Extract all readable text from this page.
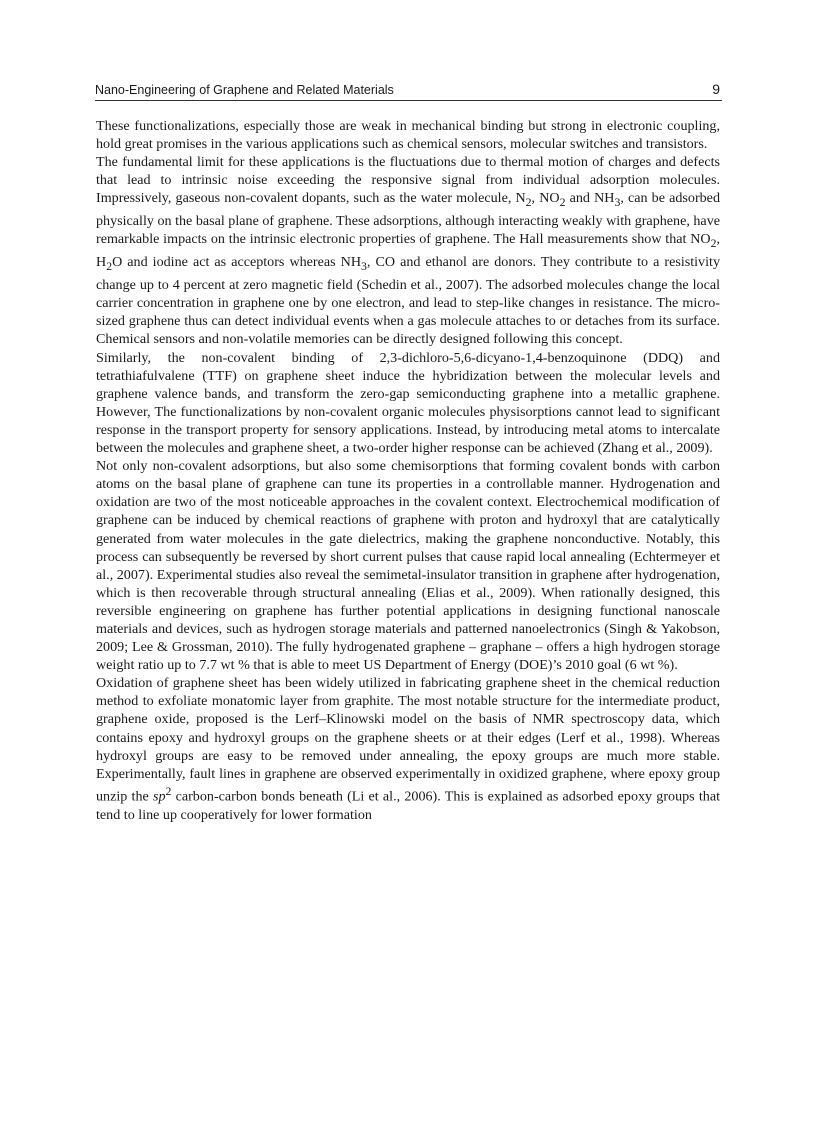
Nano-Engineering of Graphene and Related Materials	9

These functionalizations, especially those are weak in mechanical binding but strong in electronic coupling, hold great promises in the various applications such as chemical sensors, molecular switches and transistors.

The fundamental limit for these applications is the fluctuations due to thermal motion of charges and defects that lead to intrinsic noise exceeding the responsive signal from individual adsorption molecules. Impressively, gaseous non-covalent dopants, such as the water molecule, $N_2$, $NO_2$ and $NH_3$, can be adsorbed physically on the basal plane of graphene. These adsorptions, although interacting weakly with graphene, have remarkable impacts on the intrinsic electronic properties of graphene. The Hall measurements show that $NO_2$, $H_2O$ and iodine act as acceptors whereas $NH_3$, CO and ethanol are donors. They contribute to a resistivity change up to 4 percent at zero magnetic field (Schedin et al., 2007). The adsorbed molecules change the local carrier concentration in graphene one by one electron, and lead to step-like changes in resistance. The micro-sized graphene thus can detect individual events when a gas molecule attaches to or detaches from its surface. Chemical sensors and non-volatile memories can be directly designed following this concept.

Similarly, the non-covalent binding of 2,3-dichloro-5,6-dicyano-1,4-benzoquinone (DDQ) and tetrathiafulvalene (TTF) on graphene sheet induce the hybridization between the molecular levels and graphene valence bands, and transform the zero-gap semiconducting graphene into a metallic graphene. However, The functionalizations by non-covalent organic molecules physisorptions cannot lead to significant response in the transport property for sensory applications. Instead, by introducing metal atoms to intercalate between the molecules and graphene sheet, a two-order higher response can be achieved (Zhang et al., 2009).

Not only non-covalent adsorptions, but also some chemisorptions that forming covalent bonds with carbon atoms on the basal plane of graphene can tune its properties in a controllable manner. Hydrogenation and oxidation are two of the most noticeable approaches in the covalent context. Electrochemical modification of graphene can be induced by chemical reactions of graphene with proton and hydroxyl that are catalytically generated from water molecules in the gate dielectrics, making the graphene nonconductive. Notably, this process can subsequently be reversed by short current pulses that cause rapid local annealing (Echtermeyer et al., 2007). Experimental studies also reveal the semimetal-insulator transition in graphene after hydrogenation, which is then recoverable through structural annealing (Elias et al., 2009). When rationally designed, this reversible engineering on graphene has further potential applications in designing functional nanoscale materials and devices, such as hydrogen storage materials and patterned nanoelectronics (Singh & Yakobson, 2009; Lee & Grossman, 2010). The fully hydrogenated graphene – graphane – offers a high hydrogen storage weight ratio up to 7.7 wt % that is able to meet US Department of Energy (DOE)’s 2010 goal (6 wt %).

Oxidation of graphene sheet has been widely utilized in fabricating graphene sheet in the chemical reduction method to exfoliate monatomic layer from graphite. The most notable structure for the intermediate product, graphene oxide, proposed is the Lerf–Klinowski model on the basis of NMR spectroscopy data, which contains epoxy and hydroxyl groups on the graphene sheets or at their edges (Lerf et al., 1998). Whereas hydroxyl groups are easy to be removed under annealing, the epoxy groups are much more stable. Experimentally, fault lines in graphene are observed experimentally in oxidized graphene, where epoxy group unzip the $sp^2$ carbon-carbon bonds beneath (Li et al., 2006). This is explained as adsorbed epoxy groups that tend to line up cooperatively for lower formation
